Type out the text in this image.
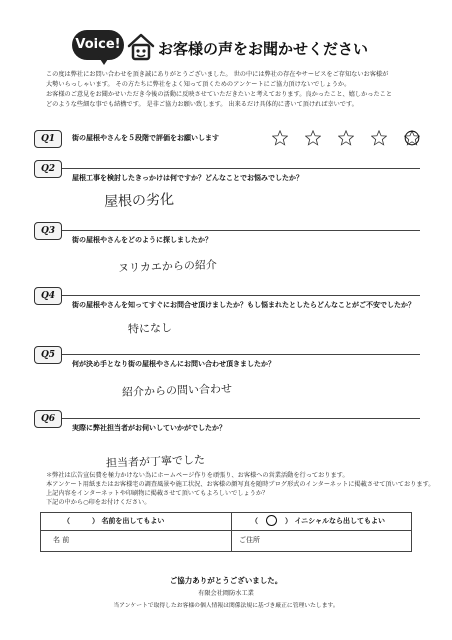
Voice! お客様の声をお聞かせください

この度は弊社にお問い合わせを頂き誠にありがとうございました。 世の中には弊社の存在やサービスをご存知ないお客様が

大勢いらっしゃいます。 その方たちに弊社をよく知って頂くためのアンケートにご協力頂けないでしょうか。

お客様のご意見をお聞かせいただき今後の活動に反映させていただきたいと考えております。良かったこと、嬉しかったこと

どのような些細な事でも結構です。 是非ご協力お願い致します。 出来るだけ具体的に書いて頂ければ幸いです。

Q1	街の屋根やさんを５段階で評価をお願いします
Q2
屋根工事を検討したきっかけは何ですか？どんなことでお悩みでしたか？
屋根の劣化
Q3
街の屋根やさんをどのように探しましたか？
ヌリカエからの紹介
Q4
街の屋根やさんを知ってすぐにお問合せ頂けましたか？もし悩まれたとしたらどんなことがご不安でしたか？
特になし
Q5
何が決め手となり街の屋根やさんにお問い合わせ頂きましたか？
紹介からの問い合わせ
Q6
実際に弊社担当者がお伺いしていかがでしたか？
担当者が丁寧でした

＊弊社は広告宣伝費を極力かけない為にホームページ作りを頑張り、お客様への営業活動を行っております。

本アンケート用紙またはお客様宅の調査風景や施工状況、お客様の顔写真を随時ブログ形式のインターネットに掲載させて頂いております。

上記内容をインターネットや印刷物に掲載させて頂いてもよろしいでしょうか？

下記の中から○印をお付けください。

（	） 名前を出してもよい	（ ○ ） イニシャルなら出してもよい
名 前	ご住所
ご協力ありがとうございました。
有限会社岡防水工業
当アンケートで取得したお客様の個人情報は関係法規に基づき厳正に管理いたします。
